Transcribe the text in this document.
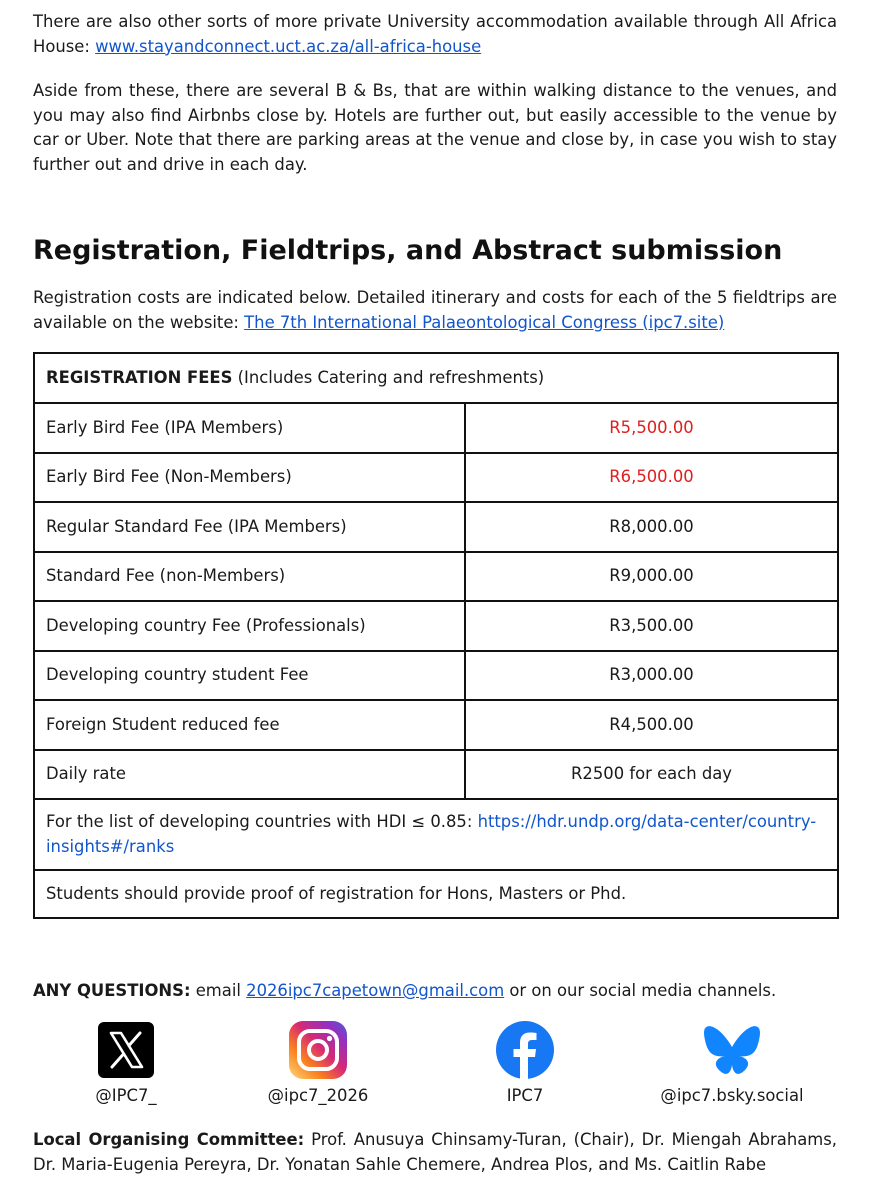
There are also other sorts of more private University accommodation available through All Africa House: www.stayandconnect.uct.ac.za/all-africa-house

Aside from these, there are several B & Bs, that are within walking distance to the venues, and you may also find Airbnbs close by. Hotels are further out, but easily accessible to the venue by car or Uber. Note that there are parking areas at the venue and close by, in case you wish to stay further out and drive in each day.

Registration, Fieldtrips, and Abstract submission

Registration costs are indicated below. Detailed itinerary and costs for each of the 5 fieldtrips are available on the website: The 7th International Palaeontological Congress (ipc7.site)

REGISTRATION FEES (Includes Catering and refreshments)	
Early Bird Fee (IPA Members)	R5,500.00
Early Bird Fee (Non-Members)	R6,500.00
Regular Standard Fee (IPA Members)	R8,000.00
Standard Fee (non-Members)	R9,000.00
Developing country Fee (Professionals)	R3,500.00
Developing country student Fee	R3,000.00
Foreign Student reduced fee	R4,500.00
Daily rate	R2500 for each day
For the list of developing countries with HDI ≤ 0.85: https://hdr.undp.org/data-center/country-insights#/ranks	
Students should provide proof of registration for Hons, Masters or Phd.	

ANY QUESTIONS: email 2026ipc7capetown@gmail.com or on our social media channels.

@IPC7_	@ipc7_2026	IPC7	@ipc7.bsky.social

Local Organising Committee: Prof. Anusuya Chinsamy-Turan, (Chair), Dr. Miengah Abrahams, Dr. Maria-Eugenia Pereyra, Dr. Yonatan Sahle Chemere, Andrea Plos, and Ms. Caitlin Rabe
